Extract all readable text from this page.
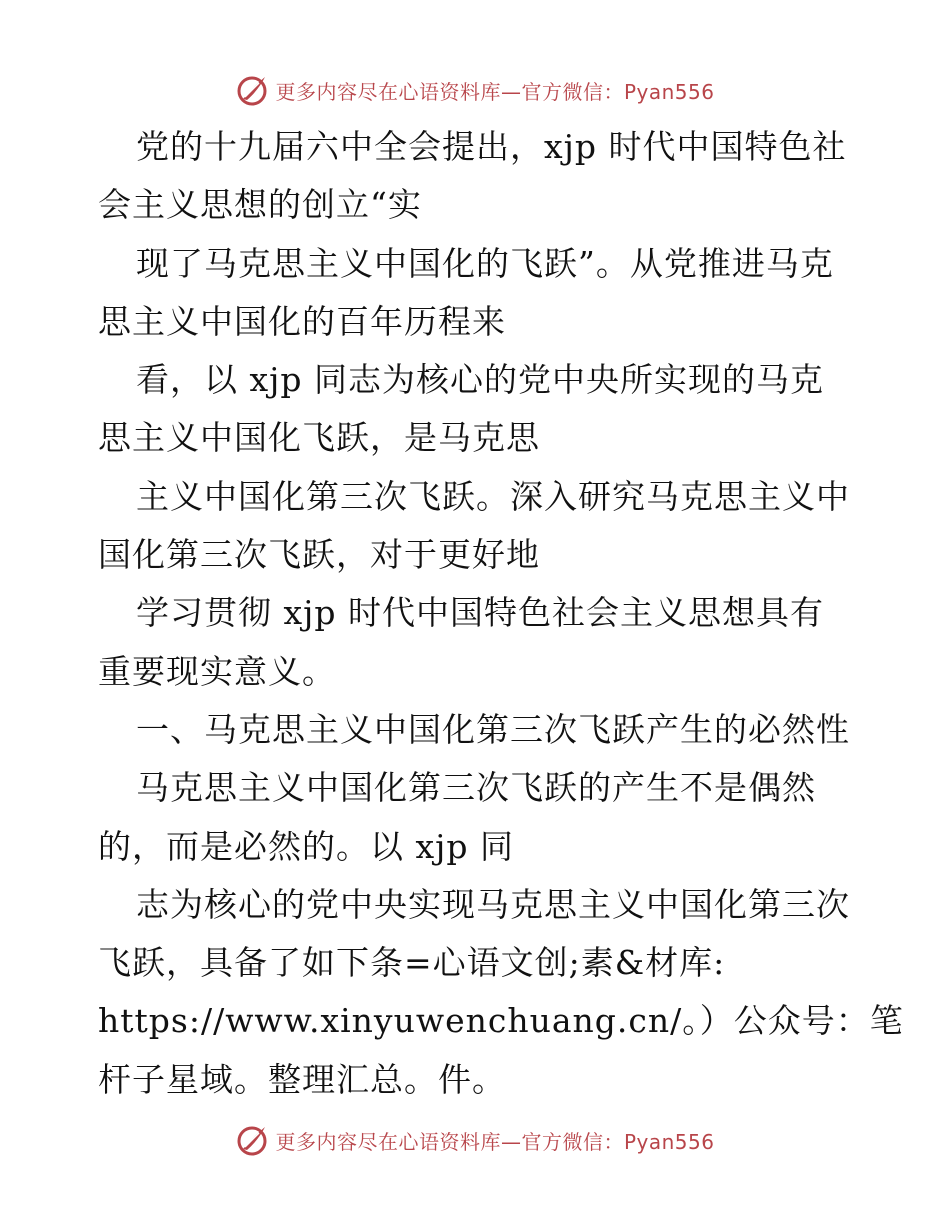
更多内容尽在心语资料库—官方微信：Pyan556
党的十九届六中全会提出，xjp 时代中国特色社
会主义思想的创立“实
现了马克思主义中国化的飞跃”。从党推进马克
思主义中国化的百年历程来
看，以 xjp 同志为核心的党中央所实现的马克
思主义中国化飞跃，是马克思
主义中国化第三次飞跃。深入研究马克思主义中
国化第三次飞跃，对于更好地
学习贯彻 xjp 时代中国特色社会主义思想具有
重要现实意义。
一、马克思主义中国化第三次飞跃产生的必然性
马克思主义中国化第三次飞跃的产生不是偶然
的，而是必然的。以 xjp 同
志为核心的党中央实现马克思主义中国化第三次
飞跃，具备了如下条=心语文创;素&材库:
https://www.xinyuwenchuang.cn/。）公众号：笔
杆子星域。整理汇总。件。
更多内容尽在心语资料库—官方微信：Pyan556
